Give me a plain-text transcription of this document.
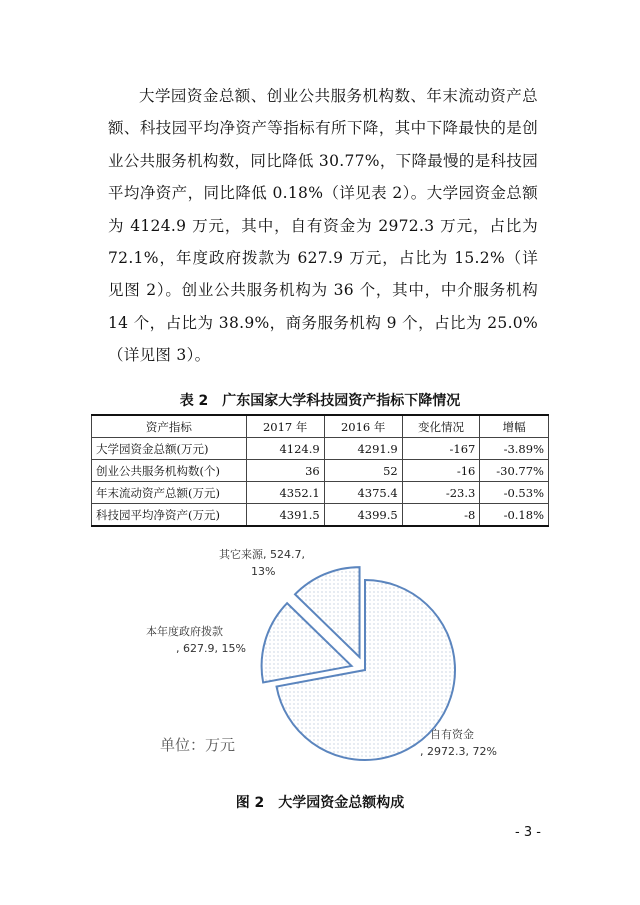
大学园资金总额、创业公共服务机构数、年末流动资产总额、科技园平均净资产等指标有所下降，其中下降最快的是创业公共服务机构数，同比降低 30.77%，下降最慢的是科技园平均净资产，同比降低 0.18%（详见表 2）。大学园资金总额为 4124.9 万元，其中，自有资金为 2972.3 万元，占比为 72.1%，年度政府拨款为 627.9 万元，占比为 15.2%（详见图 2）。创业公共服务机构为 36 个，其中，中介服务机构 14 个，占比为 38.9%，商务服务机构 9 个，占比为 25.0%（详见图 3）。
表 2　广东国家大学科技园资产指标下降情况
资产指标	2017 年	2016 年	变化情况	增幅
大学园资金总额(万元)	4124.9	4291.9	-167	-3.89%
创业公共服务机构数(个)	36	52	-16	-30.77%
年末流动资产总额(万元)	4352.1	4375.4	-23.3	-0.53%
科技园平均净资产(万元)	4391.5	4399.5	-8	-0.18%
自有资金
, 2972.3, 72%
本年度政府拨款
, 627.9, 15%
其它来源, 524.7,
13%
单位：万元
图 2　大学园资金总额构成
- 3 -
